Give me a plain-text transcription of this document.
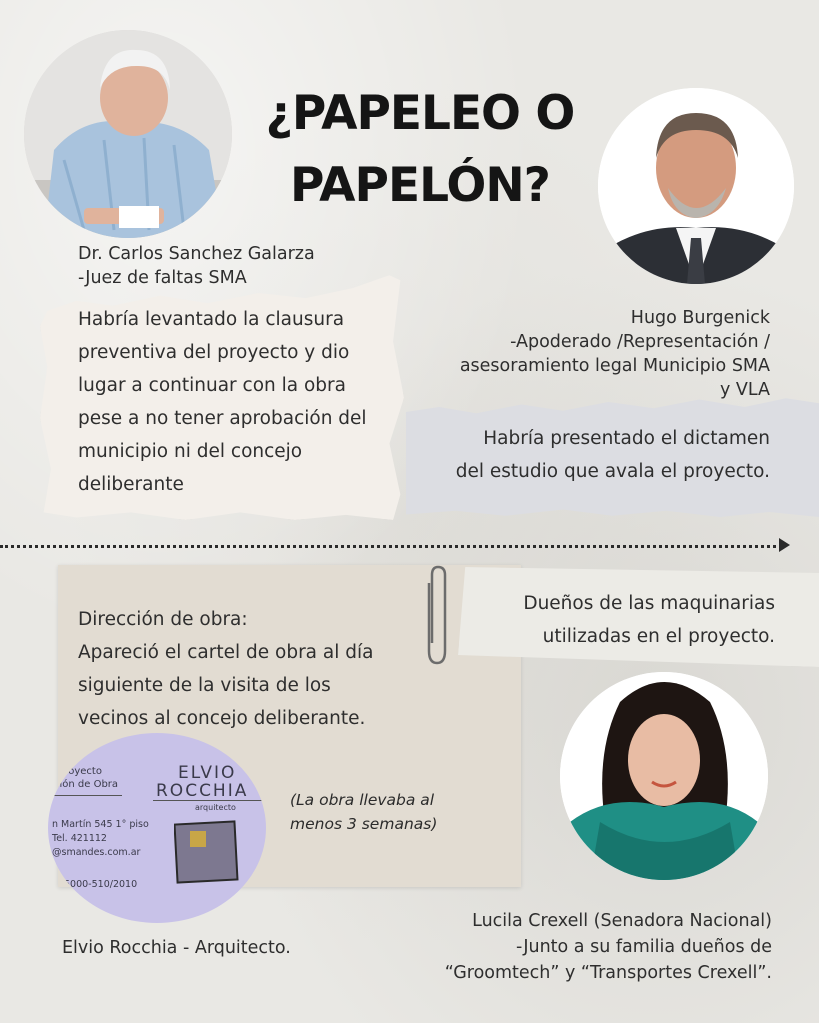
¿PAPELEO O
PAPELÓN?
Dr. Carlos Sanchez Galarza
-Juez de faltas SMA
Habría levantado la clausura
preventiva del proyecto y dio
lugar a continuar con la obra
pese a no tener aprobación del
municipio ni del concejo
deliberante
Hugo Burgenick
-Apoderado /Representación /
asesoramiento legal Municipio SMA
y VLA
Habría presentado el dictamen
del estudio que avala el proyecto.
Dirección de obra:
Apareció el cartel de obra al día
siguiente de la visita de los
vecinos al concejo deliberante.
Dueños de las maquinarias
utilizadas en el proyecto.
(La obra llevaba al
menos 3 semanas)
proyecto
ción de Obra
ELVIO
ROCCHIA
arquitecto
n Martín 545 1° piso
Tel. 421112
@smandes.com.ar
5000-510/2010
Elvio Rocchia - Arquitecto.
Lucila Crexell (Senadora Nacional)
-Junto a su familia dueños de
“Groomtech” y “Transportes Crexell”.
